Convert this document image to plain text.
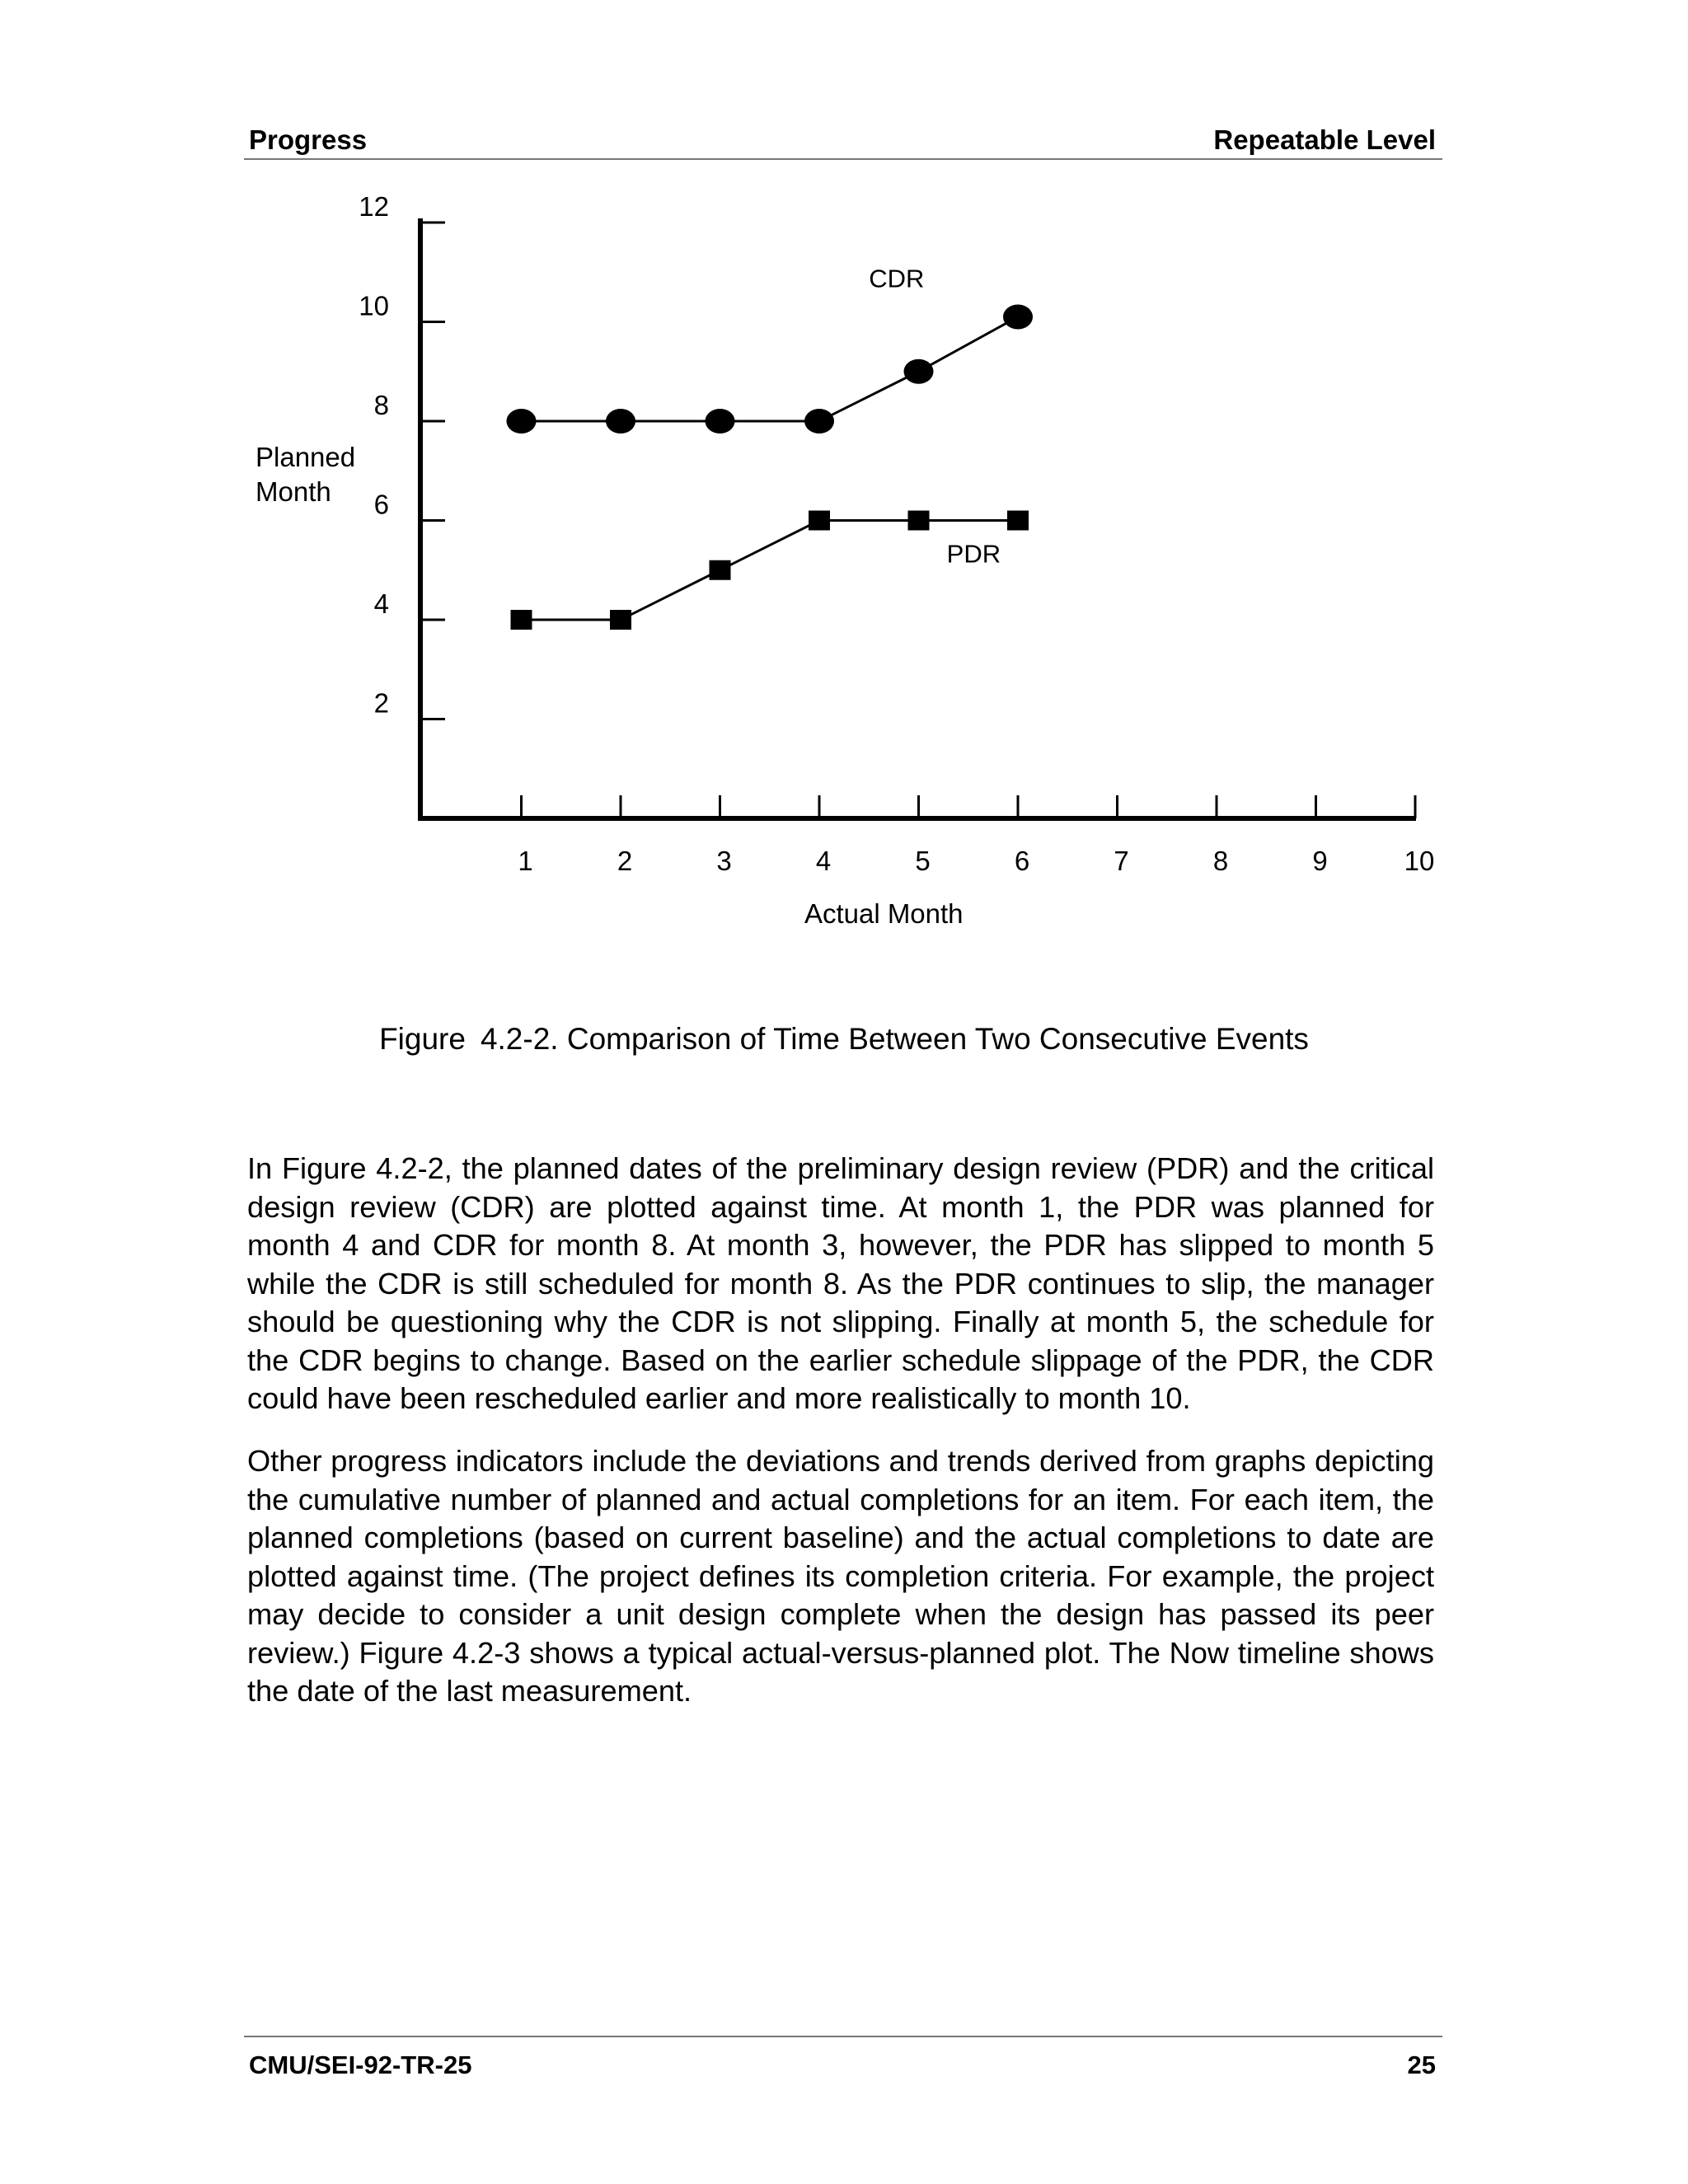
Progress	Repeatable Level
2
4
6
8
10
12
1	2	3	4	5	6	7	8	9	10
Planned Month
Actual Month
CDR
PDR
Figure 4.2-2. Comparison of Time Between Two Consecutive Events

In Figure 4.2-2, the planned dates of the preliminary design review (PDR) and the critical design review (CDR) are plotted against time. At month 1, the PDR was planned for month 4 and CDR for month 8. At month 3, however, the PDR has slipped to month 5 while the CDR is still scheduled for month 8. As the PDR continues to slip, the manager should be questioning why the CDR is not slipping. Finally at month 5, the schedule for the CDR begins to change. Based on the earlier schedule slippage of the PDR, the CDR could have been rescheduled earlier and more realistically to month 10.

Other progress indicators include the deviations and trends derived from graphs depicting the cumulative number of planned and actual completions for an item. For each item, the planned completions (based on current baseline) and the actual completions to date are plotted against time. (The project defines its completion criteria. For example, the project may decide to consider a unit design complete when the design has passed its peer review.) Figure 4.2-3 shows a typical actual-versus-planned plot. The Now timeline shows the date of the last measurement.

CMU/SEI-92-TR-25	25
